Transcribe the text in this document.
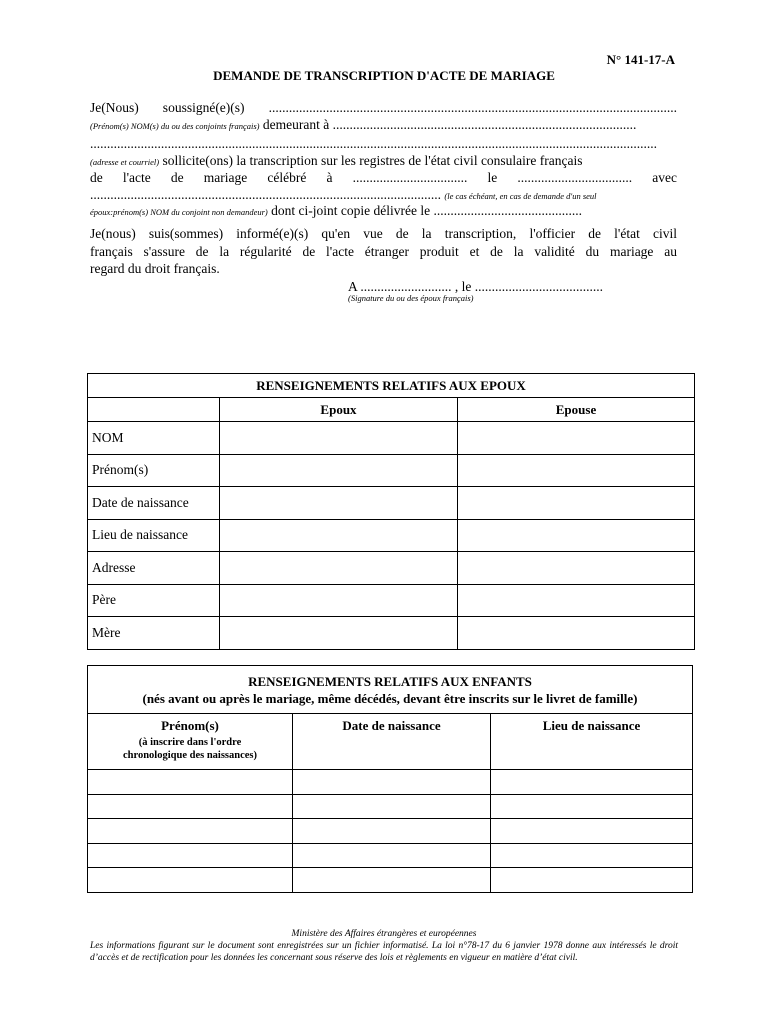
N° 141-17-A
DEMANDE DE TRANSCRIPTION D'ACTE DE MARIAGE
Je(Nous) soussigné(e)(s) .........................................................................................................................
(Prénom(s) NOM(s) du ou des conjoints français) demeurant à ..........................................................................................
........................................................................................................................................................................
(adresse et courriel) sollicite(ons) la transcription sur les registres de l'état civil consulaire français
de l'acte de mariage célébré à .................................. le .................................. avec
........................................................................................................ (le cas échéant, en cas de demande d'un seul
époux:prénom(s) NOM du conjoint non demandeur) dont ci-joint copie délivrée le ............................................
Je(nous) suis(sommes) informé(e)(s) qu'en vue de la transcription, l'officier de l'état civil
français s'assure de la régularité de l'acte étranger produit et de la validité du mariage au
regard du droit français.
A ........................... , le ......................................
(Signature du ou des époux français)
RENSEIGNEMENTS RELATIFS AUX EPOUX		
	Epoux	Epouse
NOM		
Prénom(s)		
Date de naissance		
Lieu de naissance		
Adresse		
Père		
Mère		
RENSEIGNEMENTS RELATIFS AUX ENFANTS
(nés avant ou après le mariage, même décédés, devant être inscrits sur le livret de famille)		
Prénom(s)
(à inscrire dans l'ordre
chronologique des naissances)	Date de naissance	Lieu de naissance

Ministère des Affaires étrangères et européennes
Les informations figurant sur le document sont enregistrées sur un fichier informatisé. La loi n°78-17 du 6 janvier 1978 donne aux intéressés le droit d’accès et de rectification pour les données les concernant sous réserve des lois et règlements en vigueur en matière d’état civil.
